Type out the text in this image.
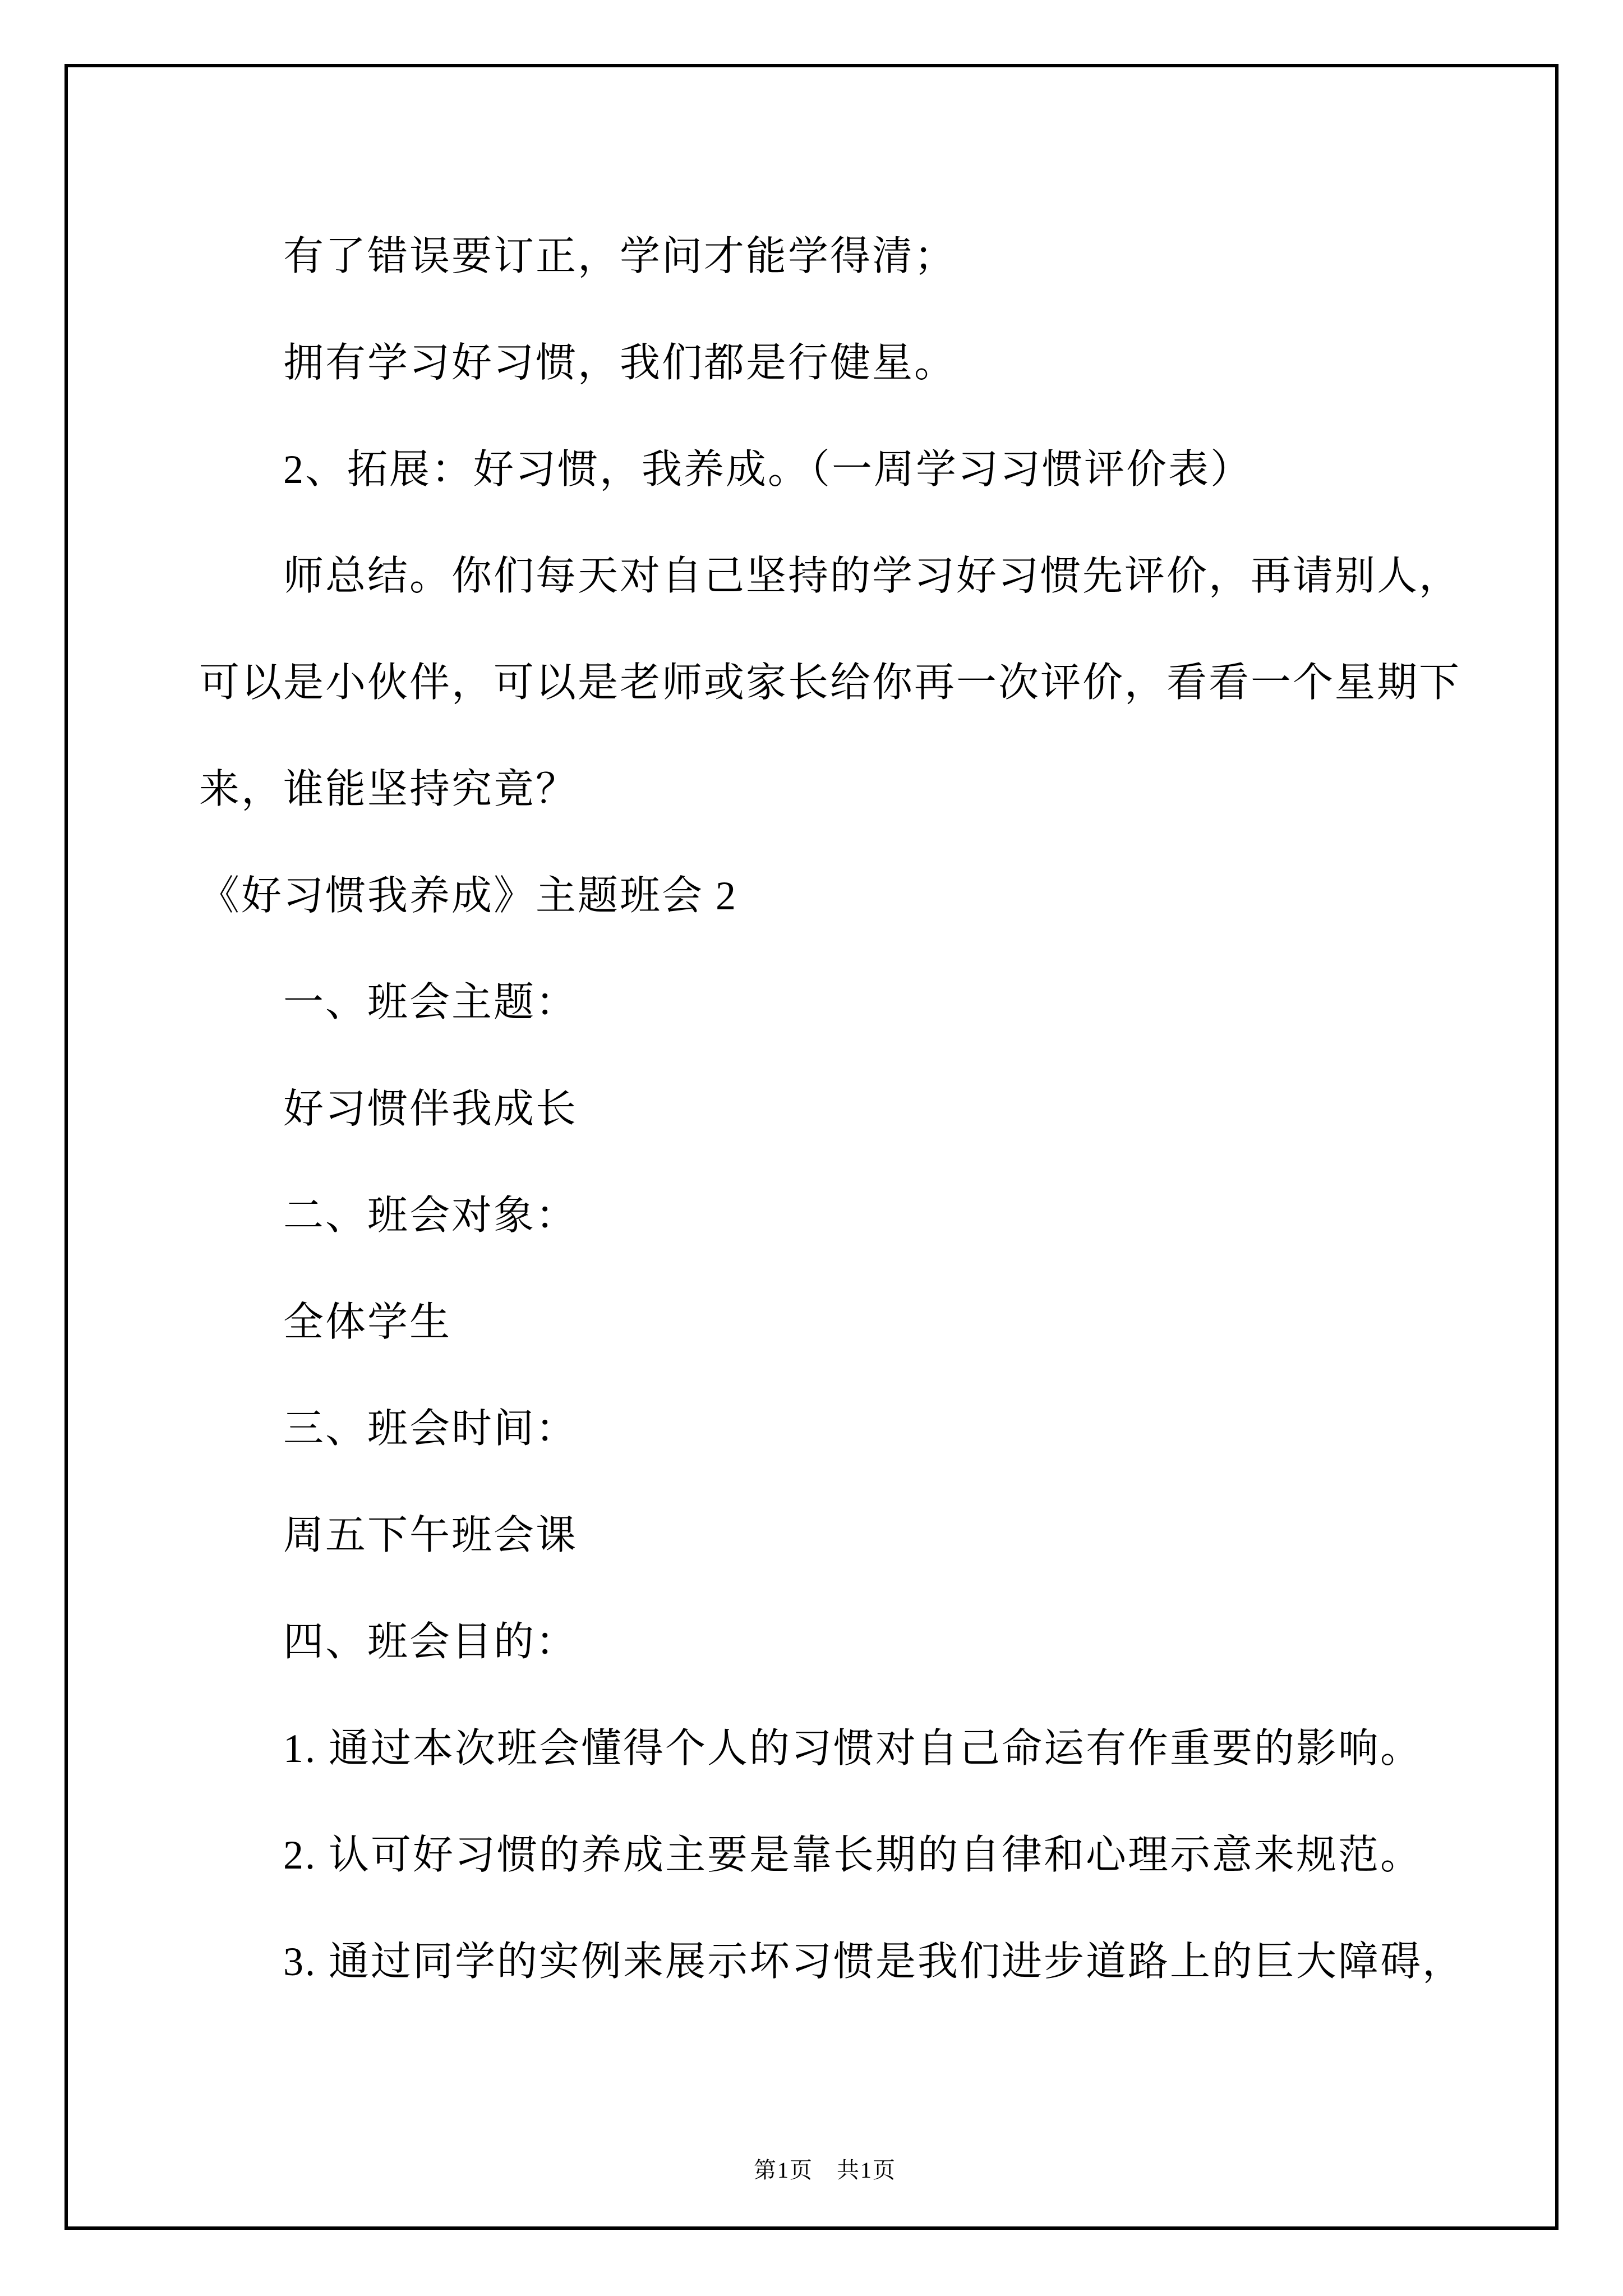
有了错误要订正，学问才能学得清；
拥有学习好习惯，我们都是行健星。
2、拓展：好习惯，我养成。（一周学习习惯评价表）
师总结。你们每天对自己坚持的学习好习惯先评价，再请别人，
可以是小伙伴，可以是老师或家长给你再一次评价，看看一个星期下
来，谁能坚持究竟？
《好习惯我养成》主题班会 2
一、班会主题：
好习惯伴我成长
二、班会对象：
全体学生
三、班会时间：
周五下午班会课
四、班会目的：
1. 通过本次班会懂得个人的习惯对自己命运有作重要的影响。
2. 认可好习惯的养成主要是靠长期的自律和心理示意来规范。
3. 通过同学的实例来展示坏习惯是我们进步道路上的巨大障碍，

第1页　共1页
